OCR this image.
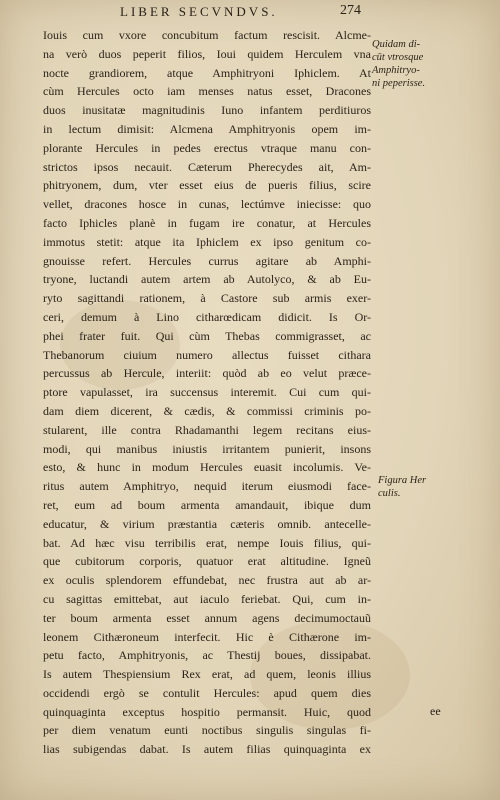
LIBER SECVNDVS.	274
Iouis cum vxore concubitum factum rescisit. Alcme-
na verò duos peperit filios, Ioui quidem Herculem vna
nocte grandiorem, atque Amphitryoni Iphiclem. At
cùm Hercules octo iam menses natus esset, Dracones
duos inusitatæ magnitudinis Iuno infantem perditiuros
in lectum dimisit: Alcmena Amphitryonis opem im-
plorante Hercules in pedes erectus vtraque manu con-
strictos ipsos necauit. Cæterum Pherecydes ait, Am-
phitryonem, dum, vter esset eius de pueris filius, scire
vellet, dracones hosce in cunas, lectúmve iniecisse: quo
facto Iphicles planè in fugam ire conatur, at Hercules
immotus stetit: atque ita Iphiclem ex ipso genitum co-
gnouisse refert. Hercules currus agitare ab Amphi-
tryone, luctandi autem artem ab Autolyco, & ab Eu-
ryto sagittandi rationem, à Castore sub armis exer-
ceri, demum à Lino citharœdicam didicit. Is Or-
phei frater fuit. Qui cùm Thebas commigrasset, ac
Thebanorum ciuium numero allectus fuisset cithara
percussus ab Hercule, interiit: quòd ab eo velut præce-
ptore vapulasset, ira succensus interemit. Cui cum qui-
dam diem dicerent, & cædis, & commissi criminis po-
stularent, ille contra Rhadamanthi legem recitans eius-
modi, qui manibus iniustis irritantem punierit, insons
esto, & hunc in modum Hercules euasit incolumis. Ve-
ritus autem Amphitryo, nequid iterum eiusmodi face-
ret, eum ad boum armenta amandauit, ibique dum
educatur, & virium præstantia cæteris omnib. antecelle-
bat. Ad hæc visu terribilis erat, nempe Iouis filius, qui-
que cubitorum corporis, quatuor erat altitudine. Igneũ
ex oculis splendorem effundebat, nec frustra aut ab ar-
cu sagittas emittebat, aut iaculo feriebat. Qui, cum in-
ter boum armenta esset annum agens decimumoctauũ
leonem Cithæroneum interfecit. Hic è Cithærone im-
petu facto, Amphitryonis, ac Thestij boues, dissipabat.
Is autem Thespiensium Rex erat, ad quem, leonis illius
occidendi ergò se contulit Hercules: apud quem dies
quinquaginta exceptus hospitio permansit. Huic, quod
per diem venatum eunti noctibus singulis singulas fi-
lias subigendas dabat. Is autem filias quinquaginta ex
Quidam di-
cūt vtrosque
Amphitryo-
ni peperisse.
Figura Her
culis.
ee
